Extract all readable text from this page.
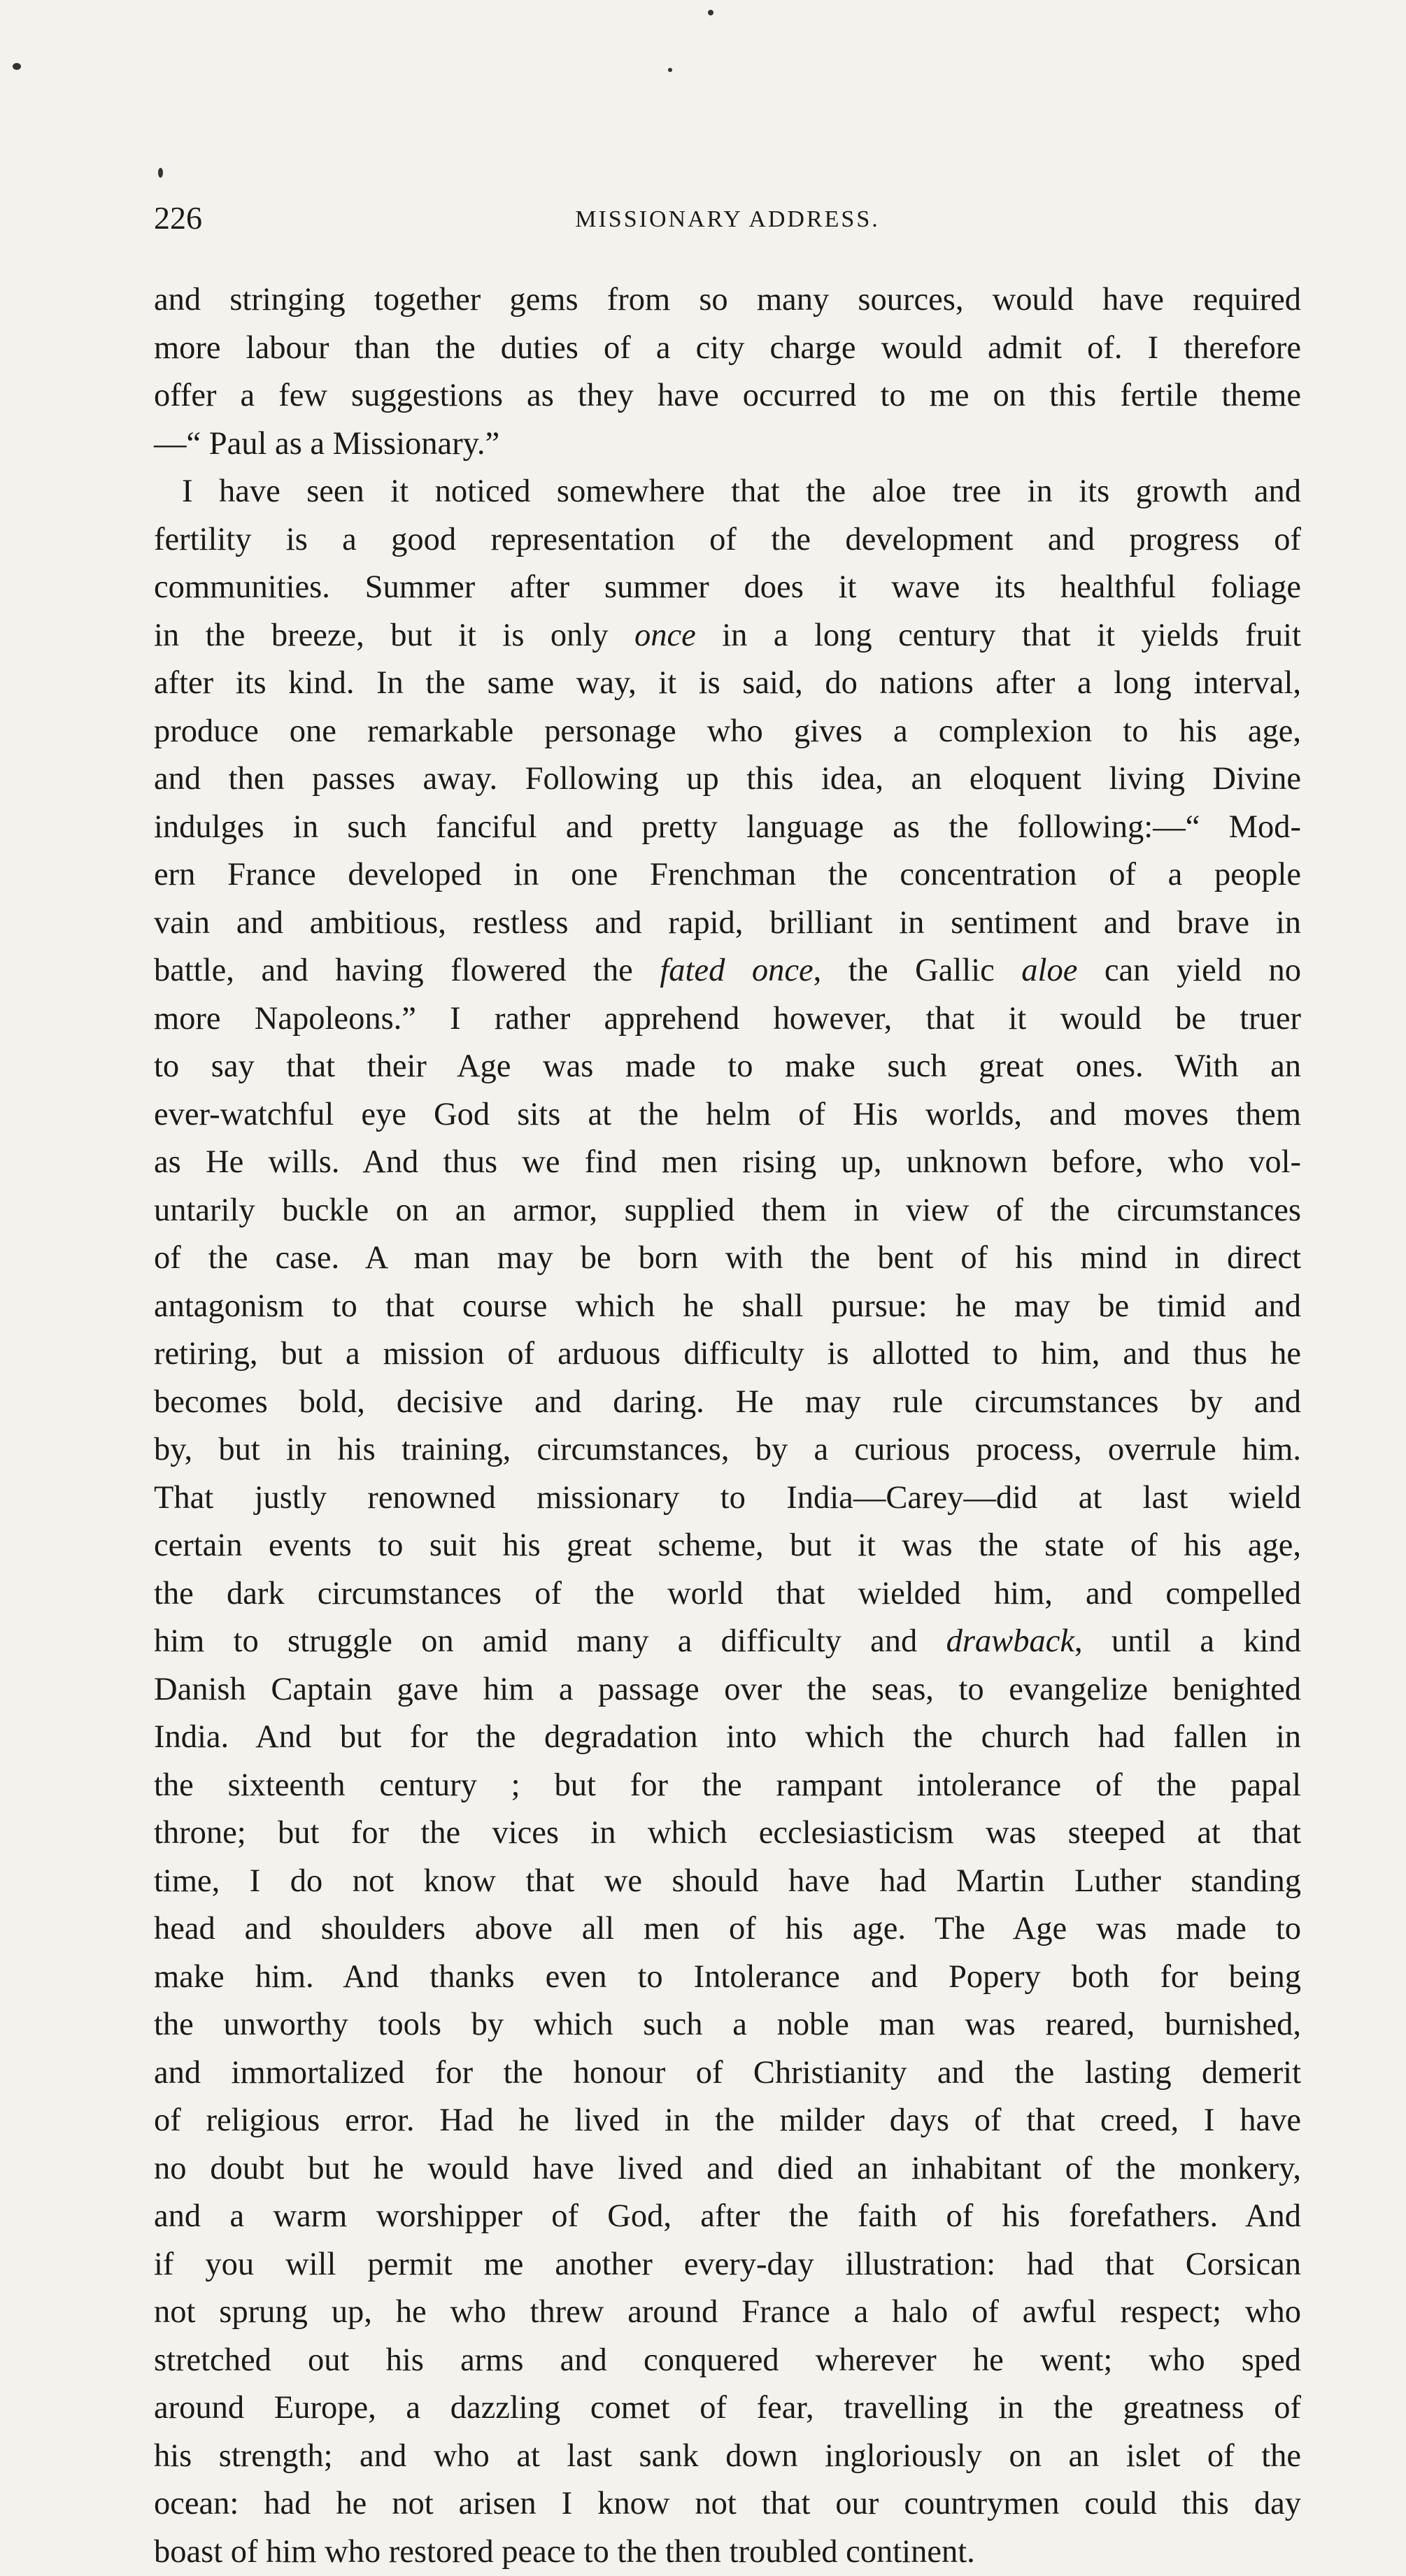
226	MISSIONARY ADDRESS.

and stringing together gems from so many sources, would have required

more labour than the duties of a city charge would admit of. I therefore

offer a few suggestions as they have occurred to me on this fertile theme

—“ Paul as a Missionary.”

I have seen it noticed somewhere that the aloe tree in its growth and

fertility is a good representation of the development and progress of

communities. Summer after summer does it wave its healthful foliage

in the breeze, but it is only once in a long century that it yields fruit

after its kind. In the same way, it is said, do nations after a long interval,

produce one remarkable personage who gives a complexion to his age,

and then passes away. Following up this idea, an eloquent living Divine

indulges in such fanciful and pretty language as the following:—“ Mod-

ern France developed in one Frenchman the concentration of a people

vain and ambitious, restless and rapid, brilliant in sentiment and brave in

battle, and having flowered the fated once, the Gallic aloe can yield no

more Napoleons.” I rather apprehend however, that it would be truer

to say that their Age was made to make such great ones. With an

ever-watchful eye God sits at the helm of His worlds, and moves them

as He wills. And thus we find men rising up, unknown before, who vol-

untarily buckle on an armor, supplied them in view of the circumstances

of the case. A man may be born with the bent of his mind in direct

antagonism to that course which he shall pursue: he may be timid and

retiring, but a mission of arduous difficulty is allotted to him, and thus he

becomes bold, decisive and daring. He may rule circumstances by and

by, but in his training, circumstances, by a curious process, overrule him.

That justly renowned missionary to India—Carey—did at last wield

certain events to suit his great scheme, but it was the state of his age,

the dark circumstances of the world that wielded him, and compelled

him to struggle on amid many a difficulty and drawback, until a kind

Danish Captain gave him a passage over the seas, to evangelize benighted

India. And but for the degradation into which the church had fallen in

the sixteenth century ; but for the rampant intolerance of the papal

throne; but for the vices in which ecclesiasticism was steeped at that

time, I do not know that we should have had Martin Luther standing

head and shoulders above all men of his age. The Age was made to

make him. And thanks even to Intolerance and Popery both for being

the unworthy tools by which such a noble man was reared, burnished,

and immortalized for the honour of Christianity and the lasting demerit

of religious error. Had he lived in the milder days of that creed, I have

no doubt but he would have lived and died an inhabitant of the monkery,

and a warm worshipper of God, after the faith of his forefathers. And

if you will permit me another every-day illustration: had that Corsican

not sprung up, he who threw around France a halo of awful respect; who

stretched out his arms and conquered wherever he went; who sped

around Europe, a dazzling comet of fear, travelling in the greatness of

his strength; and who at last sank down ingloriously on an islet of the

ocean: had he not arisen I know not that our countrymen could this day

boast of him who restored peace to the then troubled continent.
